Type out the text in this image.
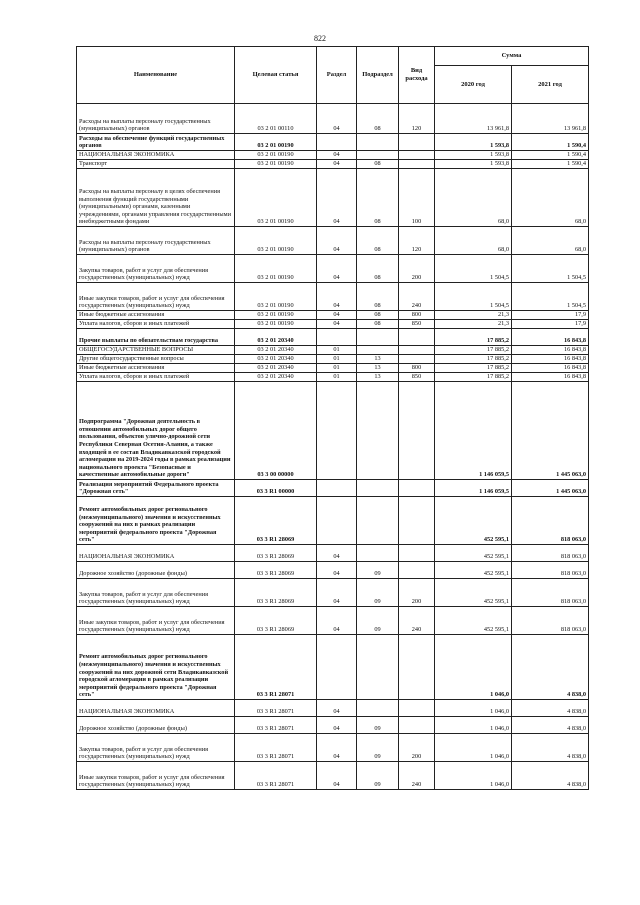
822
Наименование	Целевая статья	Раздел	Подраздел	Вид расхода	Сумма	
					2020 год	2021 год
Расходы на выплаты персоналу государственных (муниципальных) органов	03 2 01 00110	04	08	120	13 961,8	13 961,8
Расходы на обеспечение функций государственных органов	03 2 01 00190				1 593,8	1 590,4
НАЦИОНАЛЬНАЯ ЭКОНОМИКА	03 2 01 00190	04			1 593,8	1 590,4
Транспорт	03 2 01 00190	04	08		1 593,8	1 590,4
Расходы на выплаты персоналу в целях обеспечения выполнения функций государственными (муниципальными) органами, казенными учреждениями, органами управления государственными внебюджетными фондами	03 2 01 00190	04	08	100	68,0	68,0
Расходы на выплаты персоналу государственных (муниципальных) органов	03 2 01 00190	04	08	120	68,0	68,0
Закупка товаров, работ и услуг для обеспечения государственных (муниципальных) нужд	03 2 01 00190	04	08	200	1 504,5	1 504,5
Иные закупки товаров, работ и услуг для обеспечения государственных (муниципальных) нужд	03 2 01 00190	04	08	240	1 504,5	1 504,5
Иные бюджетные ассигнования	03 2 01 00190	04	08	800	21,3	17,9
Уплата налогов, сборов и иных платежей	03 2 01 00190	04	08	850	21,3	17,9
Прочие выплаты по обязательствам государства	03 2 01 20340				17 885,2	16 843,8
ОБЩЕГОСУДАРСТВЕННЫЕ ВОПРОСЫ	03 2 01 20340	01			17 885,2	16 843,8
Другие общегосударственные вопросы	03 2 01 20340	01	13		17 885,2	16 843,8
Иные бюджетные ассигнования	03 2 01 20340	01	13	800	17 885,2	16 843,8
Уплата налогов, сборов и иных платежей	03 2 01 20340	01	13	850	17 885,2	16 843,8
Подпрограмма "Дорожная деятельность в отношении автомобильных дорог общего пользования, объектов улично-дорожной сети Республики Северная Осетия-Алания, а также входящей в ее состав Владикавказской городской агломерации на 2019-2024 годы в рамках реализации национального проекта "Безопасные и качественные автомобильные дороги"	03 3 00 00000				1 146 059,5	1 445 063,0
Реализация мероприятий Федерального проекта "Дорожная сеть"	03 3 R1 00000				1 146 059,5	1 445 063,0
Ремонт автомобильных дорог регионального (межмуниципального) значения и искусственных сооружений на них в рамках реализации мероприятий федерального проекта "Дорожная сеть"	03 3 R1 28069				452 595,1	818 063,0
НАЦИОНАЛЬНАЯ ЭКОНОМИКА	03 3 R1 28069	04			452 595,1	818 063,0
Дорожное хозяйство (дорожные фонды)	03 3 R1 28069	04	09		452 595,1	818 063,0
Закупка товаров, работ и услуг для обеспечения государственных (муниципальных) нужд	03 3 R1 28069	04	09	200	452 595,1	818 063,0
Иные закупки товаров, работ и услуг для обеспечения государственных (муниципальных) нужд	03 3 R1 28069	04	09	240	452 595,1	818 063,0
Ремонт автомобильных дорог регионального (межмуниципального) значения и искусственных сооружений на них дорожной сети Владикавказской городской агломерации в рамках реализации мероприятий федерального проекта "Дорожная сеть"	03 3 R1 28071				1 046,0	4 838,0
НАЦИОНАЛЬНАЯ ЭКОНОМИКА	03 3 R1 28071	04			1 046,0	4 838,0
Дорожное хозяйство (дорожные фонды)	03 3 R1 28071	04	09		1 046,0	4 838,0
Закупка товаров, работ и услуг для обеспечения государственных (муниципальных) нужд	03 3 R1 28071	04	09	200	1 046,0	4 838,0
Иные закупки товаров, работ и услуг для обеспечения государственных (муниципальных) нужд	03 3 R1 28071	04	09	240	1 046,0	4 838,0
